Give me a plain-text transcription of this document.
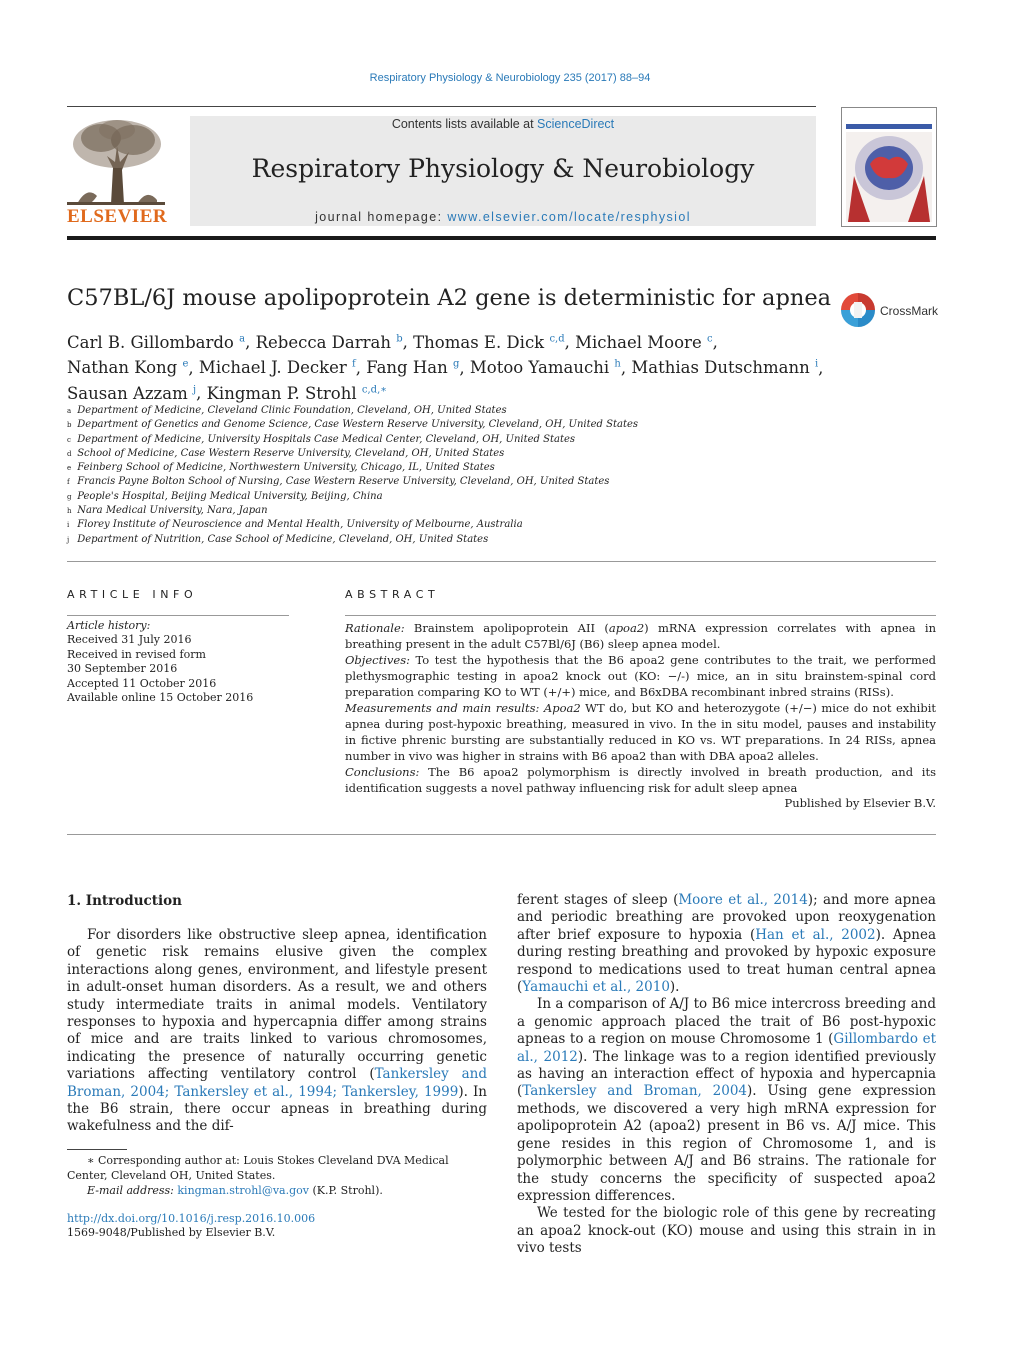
Respiratory Physiology & Neurobiology 235 (2017) 88–94
ELSEVIER
Contents lists available at ScienceDirect
Respiratory Physiology & Neurobiology
journal homepage: www.elsevier.com/locate/resphysiol
C57BL/6J mouse apolipoprotein A2 gene is deterministic for apnea	CrossMark
Carl B. Gillombardo $^a$, Rebecca Darrah $^b$, Thomas E. Dick $^{c,d}$, Michael Moore $^c$,
Nathan Kong $^e$, Michael J. Decker $^f$, Fang Han $^g$, Motoo Yamauchi $^h$, Mathias Dutschmann $^i$,
Sausan Azzam $^j$, Kingman P. Strohl $^{c,d,∗}$
a Department of Medicine, Cleveland Clinic Foundation, Cleveland, OH, United States
b Department of Genetics and Genome Science, Case Western Reserve University, Cleveland, OH, United States
c Department of Medicine, University Hospitals Case Medical Center, Cleveland, OH, United States
d School of Medicine, Case Western Reserve University, Cleveland, OH, United States
e Feinberg School of Medicine, Northwestern University, Chicago, IL, United States
f Francis Payne Bolton School of Nursing, Case Western Reserve University, Cleveland, OH, United States
g People's Hospital, Beijing Medical University, Beijing, China
h Nara Medical University, Nara, Japan
i Florey Institute of Neuroscience and Mental Health, University of Melbourne, Australia
j Department of Nutrition, Case School of Medicine, Cleveland, OH, United States
ARTICLE INFO	ABSTRACT
Article history:
Received 31 July 2016
Received in revised form
30 September 2016
Accepted 11 October 2016
Available online 15 October 2016
Rationale: Brainstem apolipoprotein AII (apoa2) mRNA expression correlates with apnea in breathing present in the adult C57Bl/6J (B6) sleep apnea model.
Objectives: To test the hypothesis that the B6 apoa2 gene contributes to the trait, we performed plethysmographic testing in apoa2 knock out (KO: −/-) mice, an in situ brainstem-spinal cord preparation comparing KO to WT (+/+) mice, and B6xDBA recombinant inbred strains (RISs).
Measurements and main results: Apoa2 WT do, but KO and heterozygote (+/−) mice do not exhibit apnea during post-hypoxic breathing, measured in vivo. In the in situ model, pauses and instability in fictive phrenic bursting are substantially reduced in KO vs. WT preparations. In 24 RISs, apnea number in vivo was higher in strains with B6 apoa2 than with DBA apoa2 alleles.
Conclusions: The B6 apoa2 polymorphism is directly involved in breath production, and its identification suggests a novel pathway influencing risk for adult sleep apnea
Published by Elsevier B.V.
1. Introduction

For disorders like obstructive sleep apnea, identification of genetic risk remains elusive given the complex interactions along genes, environment, and lifestyle present in adult-onset human disorders. As a result, we and others study intermediate traits in animal models. Ventilatory responses to hypoxia and hypercapnia differ among strains of mice and are traits linked to various chromosomes, indicating the presence of naturally occurring genetic variations affecting ventilatory control (Tankersley and Broman, 2004; Tankersley et al., 1994; Tankersley, 1999). In the B6 strain, there occur apneas in breathing during wakefulness and the dif-

ferent stages of sleep (Moore et al., 2014); and more apnea and periodic breathing are provoked upon reoxygenation after brief exposure to hypoxia (Han et al., 2002). Apnea during resting breathing and provoked by hypoxic exposure respond to medications used to treat human central apnea (Yamauchi et al., 2010).

In a comparison of A/J to B6 mice intercross breeding and a genomic approach placed the trait of B6 post-hypoxic apneas to a region on mouse Chromosome 1 (Gillombardo et al., 2012). The linkage was to a region identified previously as having an interaction effect of hypoxia and hypercapnia (Tankersley and Broman, 2004). Using gene expression methods, we discovered a very high mRNA expression for apolipoprotein A2 (apoa2) present in B6 vs. A/J mice. This gene resides in this region of Chromosome 1, and is polymorphic between A/J and B6 strains. The rationale for the study concerns the specificity of suspected apoa2 expression differences.

We tested for the biologic role of this gene by recreating an apoa2 knock-out (KO) mouse and using this strain in in vivo tests

∗ Corresponding author at: Louis Stokes Cleveland DVA Medical Center, Cleveland OH, United States.
E-mail address: kingman.strohl@va.gov (K.P. Strohl).
http://dx.doi.org/10.1016/j.resp.2016.10.006
1569-9048/Published by Elsevier B.V.
